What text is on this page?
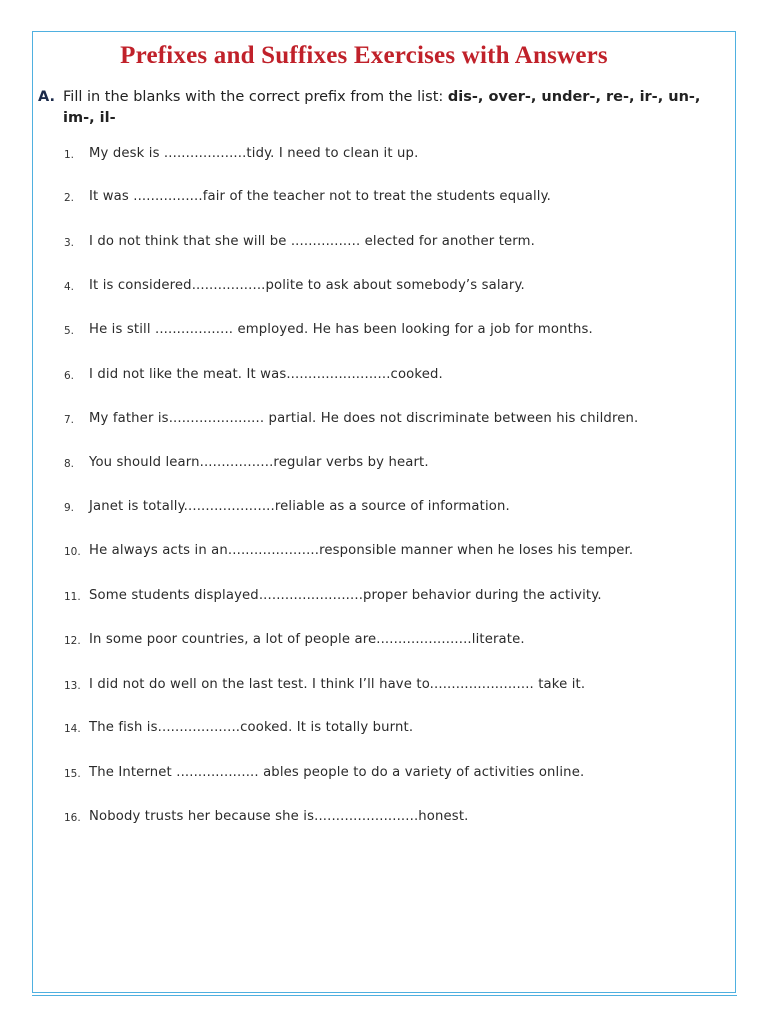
Prefixes and Suffixes Exercises with Answers
A. Fill in the blanks with the correct prefix from the list: dis-, over-, under-, re-, ir-, un-, im-, il-
1. My desk is ...................tidy. I need to clean it up.
2. It was ................fair of the teacher not to treat the students equally.
3. I do not think that she will be ................ elected for another term.
4. It is considered.................polite to ask about somebody’s salary.
5. He is still .................. employed. He has been looking for a job for months.
6. I did not like the meat. It was........................cooked.
7. My father is...................... partial. He does not discriminate between his children.
8. You should learn.................regular verbs by heart.
9. Janet is totally.....................reliable as a source of information.
10. He always acts in an.....................responsible manner when he loses his temper.
11. Some students displayed........................proper behavior during the activity.
12. In some poor countries, a lot of people are......................literate.
13. I did not do well on the last test. I think I’ll have to........................ take it.
14. The fish is...................cooked. It is totally burnt.
15. The Internet ................... ables people to do a variety of activities online.
16. Nobody trusts her because she is........................honest.
